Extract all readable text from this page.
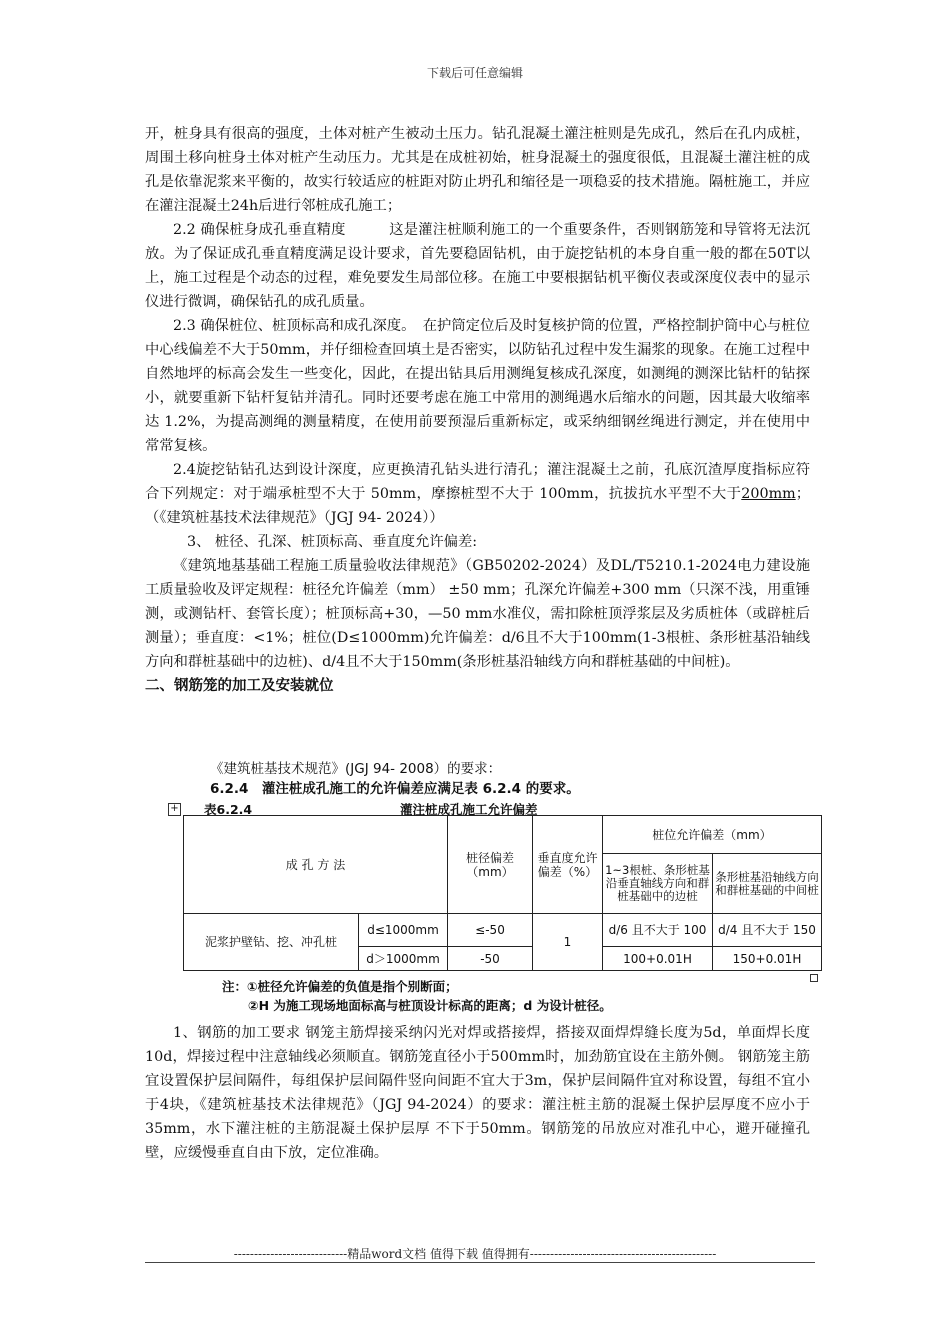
下载后可任意编辑

开，桩身具有很高的强度，土体对桩产生被动土压力。钻孔混凝土灌注桩则是先成孔，然后在孔内成桩，周围土移向桩身土体对桩产生动压力。尤其是在成桩初始，桩身混凝土的强度很低，且混凝土灌注桩的成孔是依靠泥浆来平衡的，故实行较适应的桩距对防止坍孔和缩径是一项稳妥的技术措施。隔桩施工，并应在灌注混凝土24h后进行邻桩成孔施工；

2.2 确保桩身成孔垂直精度　　　这是灌注桩顺利施工的一个重要条件，否则钢筋笼和导管将无法沉放。为了保证成孔垂直精度满足设计要求，首先要稳固钻机，由于旋挖钻机的本身自重一般的都在50T以上，施工过程是个动态的过程，难免要发生局部位移。在施工中要根据钻机平衡仪表或深度仪表中的显示仪进行微调，确保钻孔的成孔质量。

2.3 确保桩位、桩顶标高和成孔深度。　在护筒定位后及时复核护筒的位置，严格控制护筒中心与桩位中心线偏差不大于50mm，并仔细检查回填土是否密实，以防钻孔过程中发生漏浆的现象。在施工过程中自然地坪的标高会发生一些变化，因此，在提出钻具后用测绳复核成孔深度，如测绳的测深比钻杆的钻探小，就要重新下钻杆复钻并清孔。同时还要考虑在施工中常用的测绳遇水后缩水的问题，因其最大收缩率达 1.2%，为提高测绳的测量精度，在使用前要预湿后重新标定，或采纳细钢丝绳进行测定，并在使用中常常复核。

2.4旋挖钻钻孔达到设计深度，应更换清孔钻头进行清孔；灌注混凝土之前，孔底沉渣厚度指标应符合下列规定：对于端承桩型不大于 50mm，摩擦桩型不大于 100mm，抗拔抗水平型不大于200mm；（《建筑桩基技术法律规范》（JGJ 94- 2024））

3、 桩径、孔深、桩顶标高、垂直度允许偏差:

《建筑地基基础工程施工质量验收法律规范》（GB50202-2024）及DL/T5210.1-2024电力建设施工质量验收及评定规程：桩径允许偏差（mm） ±50 mm；孔深允许偏差+300 mm（只深不浅，用重锤测，或测钻杆、套管长度）；桩顶标高+30，—50 mm水准仪，需扣除桩顶浮浆层及劣质桩体（或辟桩后测量）；垂直度：<1%；桩位(D≤1000mm)允许偏差：d/6且不大于100mm(1-3根桩、条形桩基沿轴线方向和群桩基础中的边桩)、d/4且不大于150mm(条形桩基沿轴线方向和群桩基础的中间桩)。

二、钢筋笼的加工及安装就位

《建筑桩基技术规范》(JGJ 94- 2008）的要求：
6.2.4　灌注桩成孔施工的允许偏差应满足表 6.2.4 的要求。
+ 表6.2.4	灌注桩成孔施工允许偏差
成 孔 方 法		桩径偏差（mm）	垂直度允许偏差（%）	桩位允许偏差（mm）	
				1~3根桩、条形桩基沿垂直轴线方向和群桩基础中的边桩	条形桩基沿轴线方向和群桩基础的中间桩
泥浆护壁钻、挖、冲孔桩	d≤1000mm	≤-50	1	d/6 且不大于 100	d/4 且不大于 150
	d＞1000mm	-50		100+0.01H	150+0.01H
注：①桩径允许偏差的负值是指个别断面；
②H 为施工现场地面标高与桩顶设计标高的距离；d 为设计桩径。

1、钢筋的加工要求 钢笼主筋焊接采纳闪光对焊或搭接焊，搭接双面焊焊缝长度为5d，单面焊长度10d，焊接过程中注意轴线必须顺直。钢筋笼直径小于500mm时，加劲筋宜设在主筋外侧。 钢筋笼主筋宜设置保护层间隔件，每组保护层间隔件竖向间距不宜大于3m，保护层间隔件宜对称设置，每组不宜小于4块，《建筑桩基技术法律规范》（JGJ 94-2024）的要求：灌注桩主筋的混凝土保护层厚度不应小于35mm，水下灌注桩的主筋混凝土保护层厚 不下于50mm。钢筋笼的吊放应对准孔中心，避开碰撞孔壁，应缓慢垂直自由下放，定位准确。

----------------------------精品word文档 值得下载 值得拥有----------------------------------------------
